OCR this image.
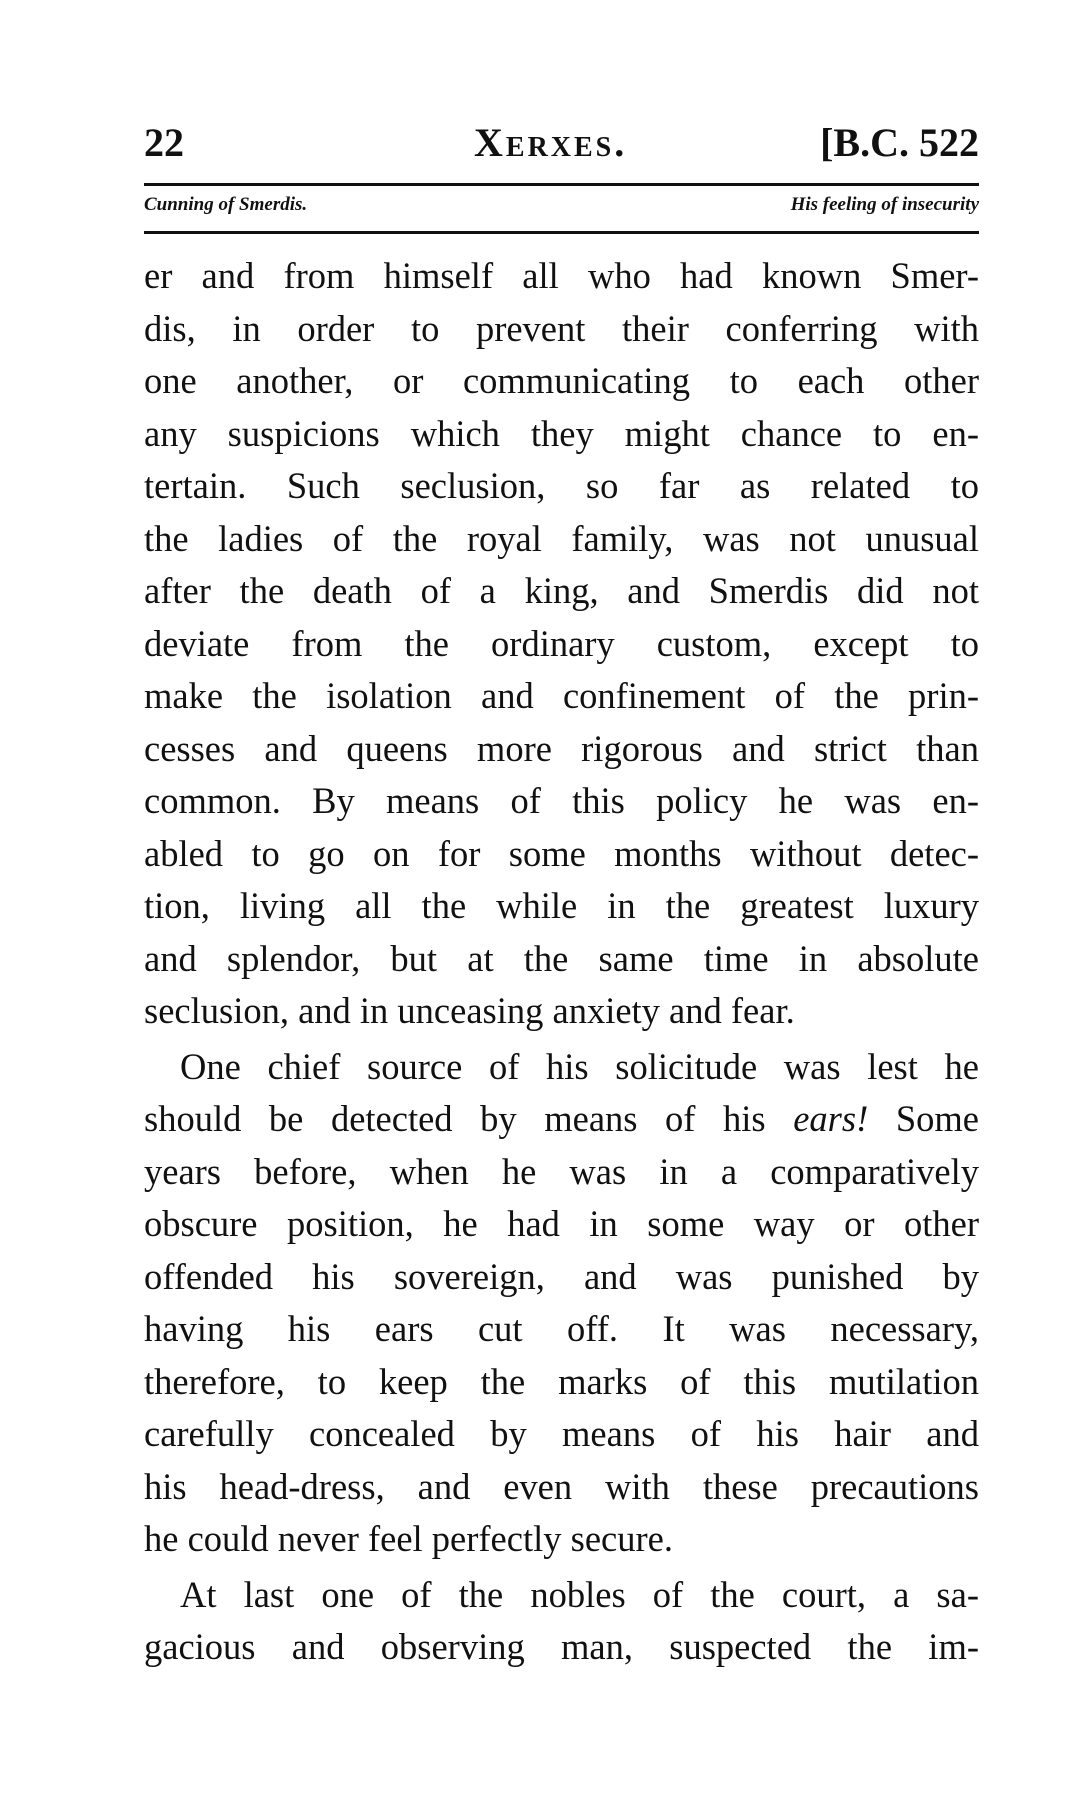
22	Xerxes.	[B.C. 522
Cunning of Smerdis.	His feeling of insecurity
er and from himself all who had known Smer-
dis, in order to prevent their conferring with
one another, or communicating to each other
any suspicions which they might chance to en-
tertain. Such seclusion, so far as related to
the ladies of the royal family, was not unusual
after the death of a king, and Smerdis did not
deviate from the ordinary custom, except to
make the isolation and confinement of the prin-
cesses and queens more rigorous and strict than
common. By means of this policy he was en-
abled to go on for some months without detec-
tion, living all the while in the greatest luxury
and splendor, but at the same time in absolute
seclusion, and in unceasing anxiety and fear.
One chief source of his solicitude was lest he
should be detected by means of his ears! Some
years before, when he was in a comparatively
obscure position, he had in some way or other
offended his sovereign, and was punished by
having his ears cut off. It was necessary,
therefore, to keep the marks of this mutilation
carefully concealed by means of his hair and
his head-dress, and even with these precautions
he could never feel perfectly secure.
At last one of the nobles of the court, a sa-
gacious and observing man, suspected the im-
